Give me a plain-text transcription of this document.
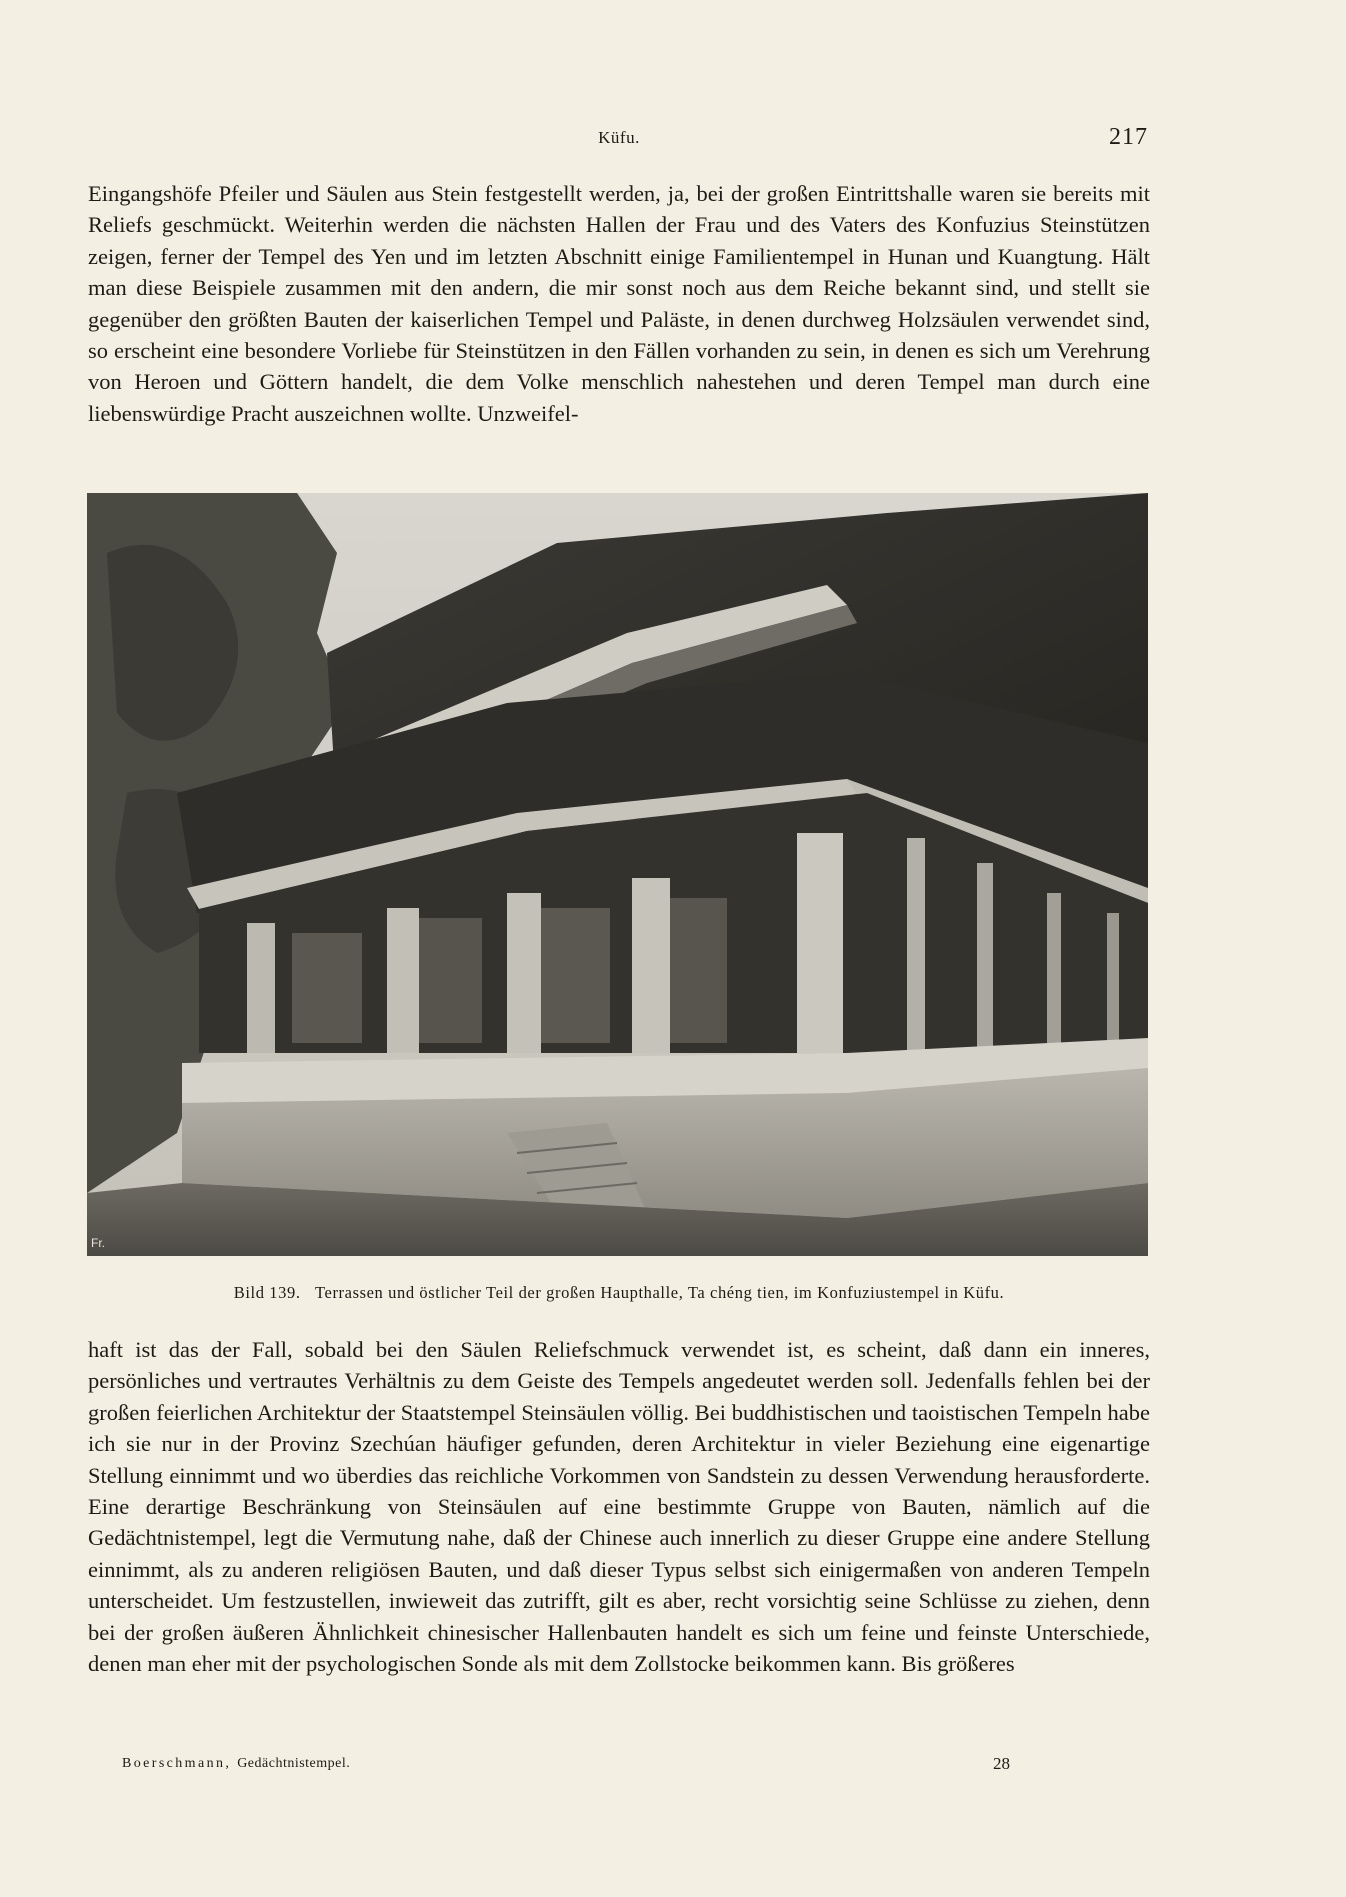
Küfu.	217

Eingangshöfe Pfeiler und Säulen aus Stein festgestellt werden, ja, bei der großen Eintrittshalle waren sie bereits mit Reliefs geschmückt. Weiterhin werden die nächsten Hallen der Frau und des Vaters des Konfuzius Steinstützen zeigen, ferner der Tempel des Yen und im letzten Abschnitt einige Familientempel in Hunan und Kuangtung. Hält man diese Beispiele zusammen mit den andern, die mir sonst noch aus dem Reiche bekannt sind, und stellt sie gegenüber den größten Bauten der kaiserlichen Tempel und Paläste, in denen durchweg Holzsäulen verwendet sind, so erscheint eine besondere Vorliebe für Steinstützen in den Fällen vorhanden zu sein, in denen es sich um Verehrung von Heroen und Göttern handelt, die dem Volke menschlich nahestehen und deren Tempel man durch eine liebenswürdige Pracht auszeichnen wollte. Unzweifel-

Fr.
Bild 139. Terrassen und östlicher Teil der großen Haupthalle, Ta chéng tien, im Konfuziustempel in Küfu.

haft ist das der Fall, sobald bei den Säulen Reliefschmuck verwendet ist, es scheint, daß dann ein inneres, persönliches und vertrautes Verhältnis zu dem Geiste des Tempels angedeutet werden soll. Jedenfalls fehlen bei der großen feierlichen Architektur der Staatstempel Steinsäulen völlig. Bei buddhistischen und taoistischen Tempeln habe ich sie nur in der Provinz Szechúan häufiger gefunden, deren Architektur in vieler Beziehung eine eigenartige Stellung einnimmt und wo überdies das reichliche Vorkommen von Sandstein zu dessen Verwendung herausforderte. Eine derartige Beschränkung von Steinsäulen auf eine bestimmte Gruppe von Bauten, nämlich auf die Gedächtnistempel, legt die Vermutung nahe, daß der Chinese auch innerlich zu dieser Gruppe eine andere Stellung einnimmt, als zu anderen religiösen Bauten, und daß dieser Typus selbst sich einigermaßen von anderen Tempeln unterscheidet. Um festzustellen, inwieweit das zutrifft, gilt es aber, recht vorsichtig seine Schlüsse zu ziehen, denn bei der großen äußeren Ähnlichkeit chinesischer Hallenbauten handelt es sich um feine und feinste Unterschiede, denen man eher mit der psychologischen Sonde als mit dem Zollstocke beikommen kann. Bis größeres

Boerschmann, Gedächtnistempel.	28
